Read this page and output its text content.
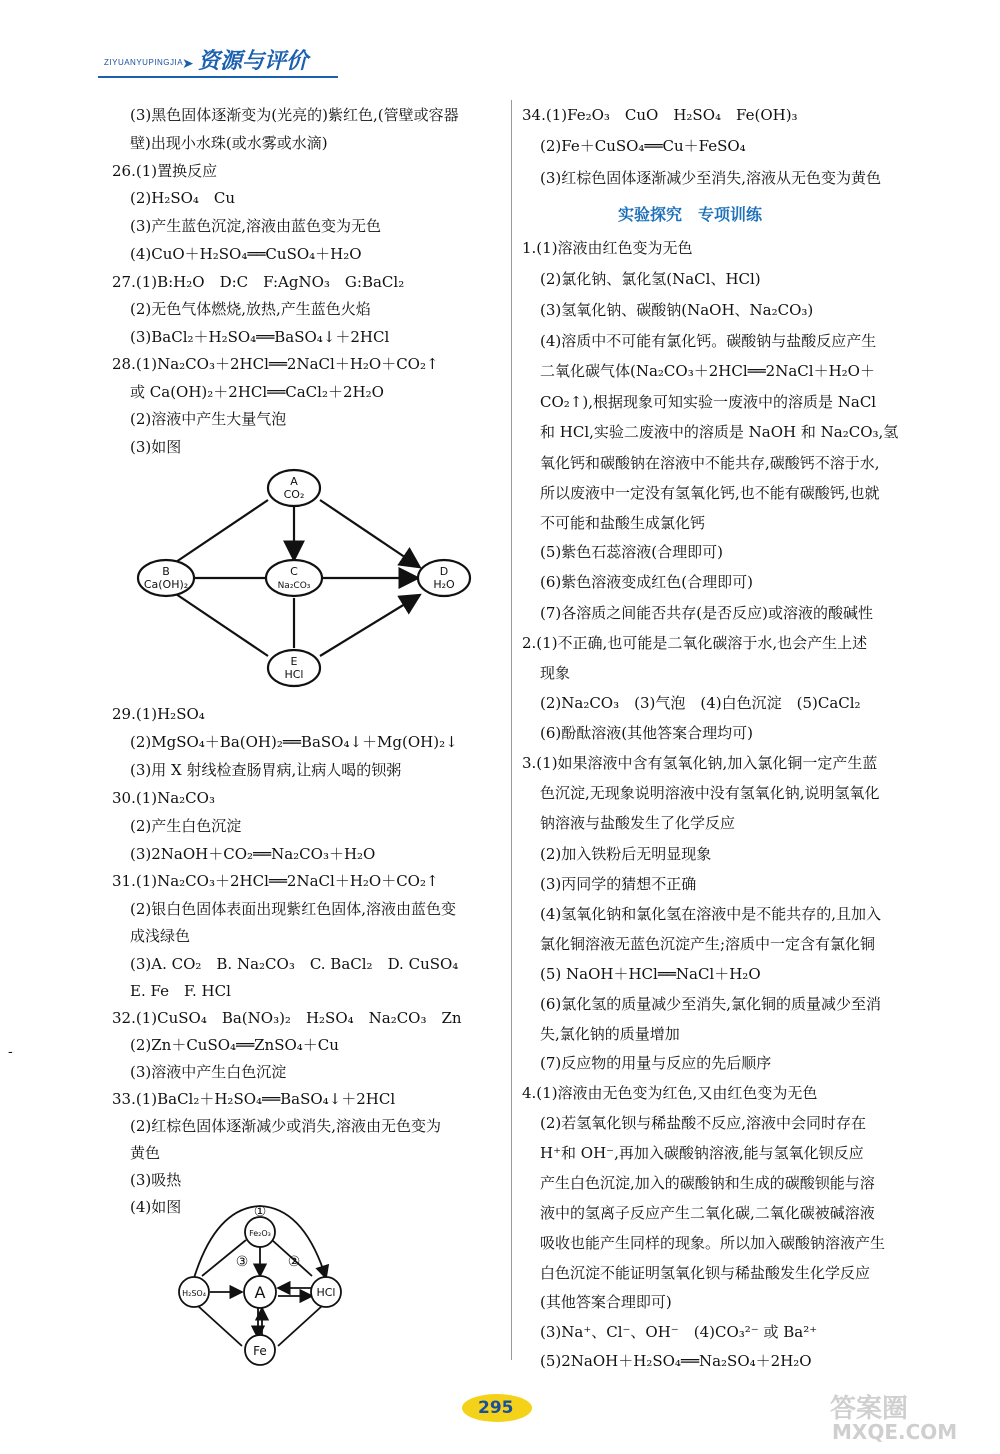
ZIYUANYUPINGJIA
➤ 资源与评价
-
A
CO₂
B
Ca(OH)₂
C
Na₂CO₃
D
H₂O
E
HCl
H₂SO₄
Fe₂O₃
A	HCl
Fe
①
②
③
(3)黑色固体逐渐变为(光亮的)紫红色,(管壁或容器
壁)出现小水珠(或水雾或水滴)
26.(1)置换反应
(2)H₂SO₄　Cu
(3)产生蓝色沉淀,溶液由蓝色变为无色
(4)CuO＋H₂SO₄══CuSO₄＋H₂O
27.(1)B:H₂O　D:C　F:AgNO₃　G:BaCl₂
(2)无色气体燃烧,放热,产生蓝色火焰
(3)BaCl₂＋H₂SO₄══BaSO₄↓＋2HCl
28.(1)Na₂CO₃＋2HCl══2NaCl＋H₂O＋CO₂↑
或 Ca(OH)₂＋2HCl══CaCl₂＋2H₂O
(2)溶液中产生大量气泡
(3)如图
29.(1)H₂SO₄
(2)MgSO₄＋Ba(OH)₂══BaSO₄↓＋Mg(OH)₂↓
(3)用 X 射线检查肠胃病,让病人喝的钡粥
30.(1)Na₂CO₃
(2)产生白色沉淀
(3)2NaOH＋CO₂══Na₂CO₃＋H₂O
31.(1)Na₂CO₃＋2HCl══2NaCl＋H₂O＋CO₂↑
(2)银白色固体表面出现紫红色固体,溶液由蓝色变
成浅绿色
(3)A. CO₂　B. Na₂CO₃　C. BaCl₂　D. CuSO₄
E. Fe　F. HCl
32.(1)CuSO₄　Ba(NO₃)₂　H₂SO₄　Na₂CO₃　Zn
(2)Zn＋CuSO₄══ZnSO₄＋Cu
(3)溶液中产生白色沉淀
33.(1)BaCl₂＋H₂SO₄══BaSO₄↓＋2HCl
(2)红棕色固体逐渐减少或消失,溶液由无色变为
黄色
(3)吸热
(4)如图
实验探究　专项训练
34.(1)Fe₂O₃　CuO　H₂SO₄　Fe(OH)₃
(2)Fe＋CuSO₄══Cu＋FeSO₄
(3)红棕色固体逐渐减少至消失,溶液从无色变为黄色
1.(1)溶液由红色变为无色
(2)氯化钠、氯化氢(NaCl、HCl)
(3)氢氧化钠、碳酸钠(NaOH、Na₂CO₃)
(4)溶质中不可能有氯化钙。碳酸钠与盐酸反应产生
二氧化碳气体(Na₂CO₃＋2HCl══2NaCl＋H₂O＋
CO₂↑),根据现象可知实验一废液中的溶质是 NaCl
和 HCl,实验二废液中的溶质是 NaOH 和 Na₂CO₃,氢
氧化钙和碳酸钠在溶液中不能共存,碳酸钙不溶于水,
所以废液中一定没有氢氧化钙,也不能有碳酸钙,也就
不可能和盐酸生成氯化钙
(5)紫色石蕊溶液(合理即可)
(6)紫色溶液变成红色(合理即可)
(7)各溶质之间能否共存(是否反应)或溶液的酸碱性
2.(1)不正确,也可能是二氧化碳溶于水,也会产生上述
现象
(2)Na₂CO₃　(3)气泡　(4)白色沉淀　(5)CaCl₂
(6)酚酞溶液(其他答案合理均可)
3.(1)如果溶液中含有氢氧化钠,加入氯化铜一定产生蓝
色沉淀,无现象说明溶液中没有氢氧化钠,说明氢氧化
钠溶液与盐酸发生了化学反应
(2)加入铁粉后无明显现象
(3)丙同学的猜想不正确
(4)氢氧化钠和氯化氢在溶液中是不能共存的,且加入
氯化铜溶液无蓝色沉淀产生;溶质中一定含有氯化铜
(5) NaOH＋HCl══NaCl＋H₂O
(6)氯化氢的质量减少至消失,氯化铜的质量减少至消
失,氯化钠的质量增加
(7)反应物的用量与反应的先后顺序
4.(1)溶液由无色变为红色,又由红色变为无色
(2)若氢氧化钡与稀盐酸不反应,溶液中会同时存在
H⁺和 OH⁻,再加入碳酸钠溶液,能与氢氧化钡反应
产生白色沉淀,加入的碳酸钠和生成的碳酸钡能与溶
液中的氢离子反应产生二氧化碳,二氧化碳被碱溶液
吸收也能产生同样的现象。所以加入碳酸钠溶液产生
白色沉淀不能证明氢氧化钡与稀盐酸发生化学反应
(其他答案合理即可)
(3)Na⁺、Cl⁻、OH⁻　(4)CO₃²⁻ 或 Ba²⁺
(5)2NaOH＋H₂SO₄══Na₂SO₄＋2H₂O
295	答案圈
MXQE.COM
